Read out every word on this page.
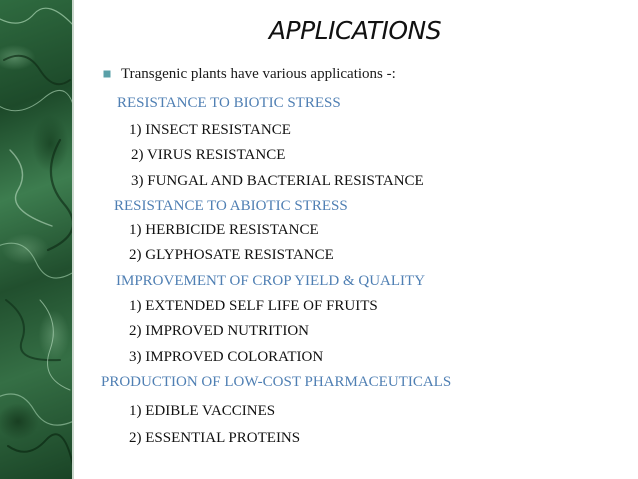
APPLICATIONS
Transgenic plants have various applications -:
RESISTANCE TO BIOTIC STRESS
1) INSECT RESISTANCE
2) VIRUS RESISTANCE
3) FUNGAL AND BACTERIAL RESISTANCE
RESISTANCE TO ABIOTIC STRESS
1) HERBICIDE RESISTANCE
2) GLYPHOSATE RESISTANCE
IMPROVEMENT OF CROP YIELD & QUALITY
1) EXTENDED SELF LIFE OF FRUITS
2) IMPROVED NUTRITION
3) IMPROVED COLORATION
PRODUCTION OF LOW-COST PHARMACEUTICALS
1) EDIBLE VACCINES
2) ESSENTIAL PROTEINS
